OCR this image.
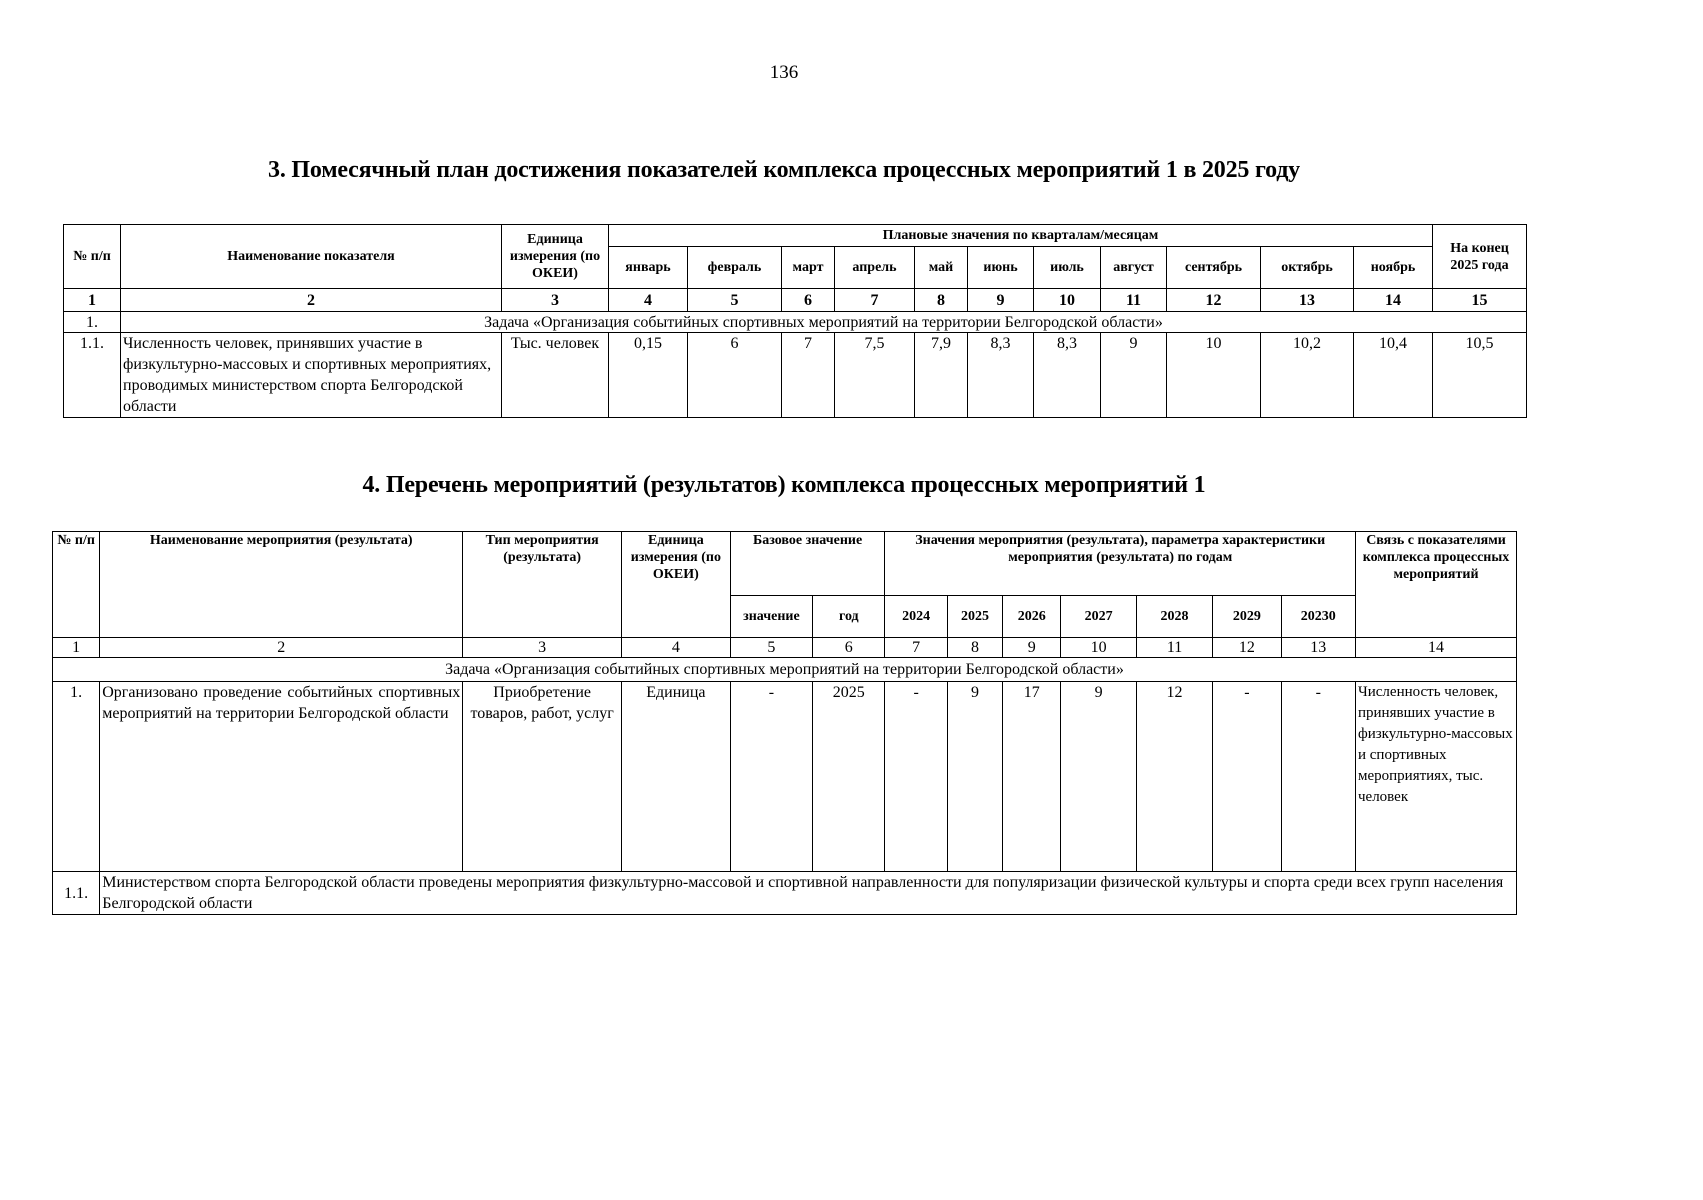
136
3. Помесячный план достижения показателей комплекса процессных мероприятий 1 в 2025 году
№ п/п	Наименование показателя	Единица измерения (по ОКЕИ)	Плановые значения по кварталам/месяцам											На конец 2025 года
			январь	февраль	март	апрель	май	июнь	июль	август	сентябрь	октябрь	ноябрь	
1	2	3	4	5	6	7	8	9	10	11	12	13	14	15
1.	Задача «Организация событийных спортивных мероприятий на территории Белгородской области»													
1.1.	Численность человек, принявших участие в физкультурно-массовых и спортивных мероприятиях, проводимых министерством спорта Белгородской области	Тыс. человек	0,15	6	7	7,5	7,9	8,3	8,3	9	10	10,2	10,4	10,5
4. Перечень мероприятий (результатов) комплекса процессных мероприятий 1
№ п/п	Наименование мероприятия (результата)	Тип мероприятия (результата)	Единица измерения (по ОКЕИ)	Базовое значение		Значения мероприятия (результата), параметра характеристики мероприятия (результата) по годам							Связь с показателями комплекса процессных мероприятий
				значение	год	2024	2025	2026	2027	2028	2029	20230	
1	2	3	4	5	6	7	8	9	10	11	12	13	14
Задача «Организация событийных спортивных мероприятий на территории Белгородской области»													
1.	Организовано проведение событийных спортивных мероприятий на территории Белгородской области	Приобретение товаров, работ, услуг	Единица	-	2025	-	9	17	9	12	-	-	Численность человек, принявших участие в физкультурно-массовых и спортивных мероприятиях, тыс. человек
1.1.	Министерством спорта Белгородской области проведены мероприятия физкультурно-массовой и спортивной направленности для популяризации физической культуры и спорта среди всех групп населения Белгородской области												
